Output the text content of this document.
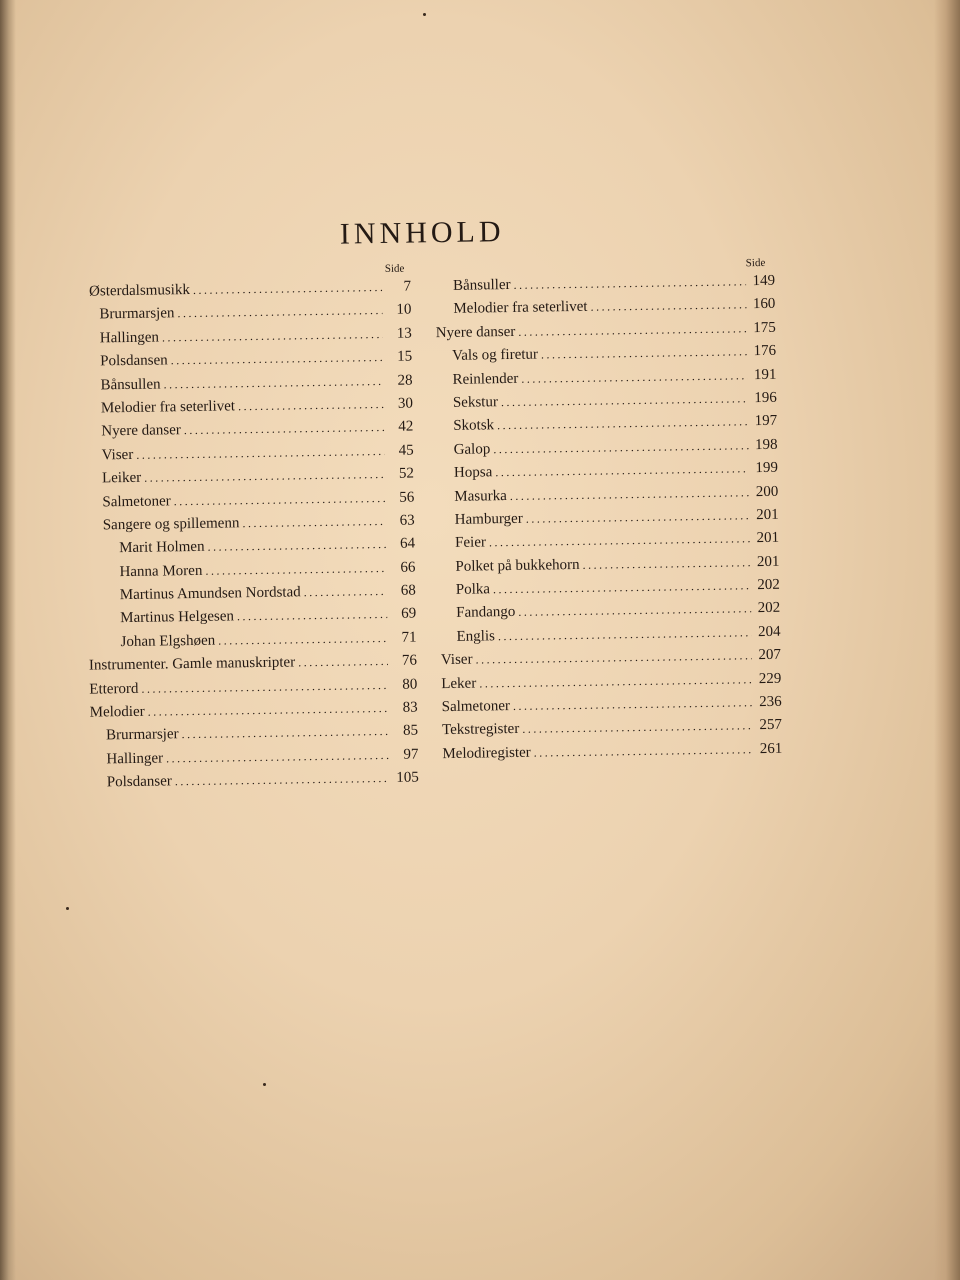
INNHOLD
Side	Side
Østerdalsmusikk .....	7
Brurmarsjen .....	10
Hallingen .....	13
Polsdansen .....	15
Bånsullen .....	28
Melodier fra seterlivet .....	30
Nyere danser .....	42
Viser .....	45
Leiker .....	52
Salmetoner .....	56
Sangere og spillemenn .....	63
Marit Holmen .....	64
Hanna Moren .....	66
Martinus Amundsen Nordstad .....	68
Martinus Helgesen .....	69
Johan Elgshøen .....	71
Instrumenter. Gamle manuskripter .....	76
Etterord .....	80
Melodier .....	83
Brurmarsjer .....	85
Hallinger .....	97
Polsdanser .....	105
Bånsuller .....	149
Melodier fra seterlivet .....	160
Nyere danser .....	175
Vals og firetur .....	176
Reinlender .....	191
Sekstur .....	196
Skotsk .....	197
Galop .....	198
Hopsa .....	199
Masurka .....	200
Hamburger .....	201
Feier .....	201
Polket på bukkehorn .....	201
Polka .....	202
Fandango .....	202
Englis .....	204
Viser .....	207
Leker .....	229
Salmetoner .....	236
Tekstregister .....	257
Melodiregister .....	261
